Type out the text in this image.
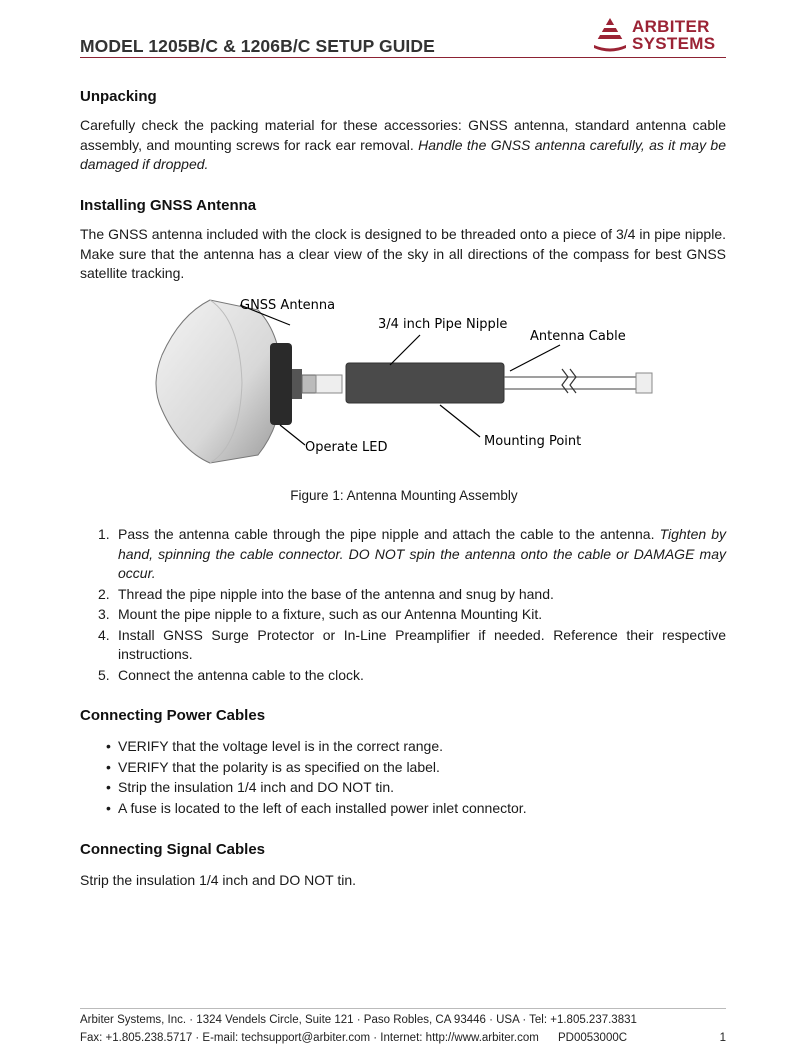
MODEL 1205B/C & 1206B/C SETUP GUIDE
ARBITER
SYSTEMS
Unpacking

Carefully check the packing material for these accessories: GNSS antenna, standard antenna cable assembly, and mounting screws for rack ear removal. Handle the GNSS antenna carefully, as it may be damaged if dropped.

Installing GNSS Antenna

The GNSS antenna included with the clock is designed to be threaded onto a piece of 3/4 in pipe nipple. Make sure that the antenna has a clear view of the sky in all directions of the compass for best GNSS satellite tracking.

GNSS Antenna
3/4 inch Pipe Nipple
Antenna Cable
Operate LED	Mounting Point
Figure 1: Antenna Mounting Assembly
1. Pass the antenna cable through the pipe nipple and attach the cable to the antenna. Tighten by hand, spinning the cable connector. DO NOT spin the antenna onto the cable or DAMAGE may occur.
2. Thread the pipe nipple into the base of the antenna and snug by hand.
3. Mount the pipe nipple to a fixture, such as our Antenna Mounting Kit.
4. Install GNSS Surge Protector or In-Line Preamplifier if needed. Reference their respective instructions.
5. Connect the antenna cable to the clock.
Connecting Power Cables
• VERIFY that the voltage level is in the correct range.
• VERIFY that the polarity is as specified on the label.
• Strip the insulation 1/4 inch and DO NOT tin.
• A fuse is located to the left of each installed power inlet connector.
Connecting Signal Cables

Strip the insulation 1/4 inch and DO NOT tin.

Arbiter Systems, Inc. · 1324 Vendels Circle, Suite 121 · Paso Robles, CA 93446 · USA · Tel: +1.805.237.3831
Fax: +1.805.238.5717 · E-mail: techsupport@arbiter.com · Internet: http://www.arbiter.com PD0053000C	1
